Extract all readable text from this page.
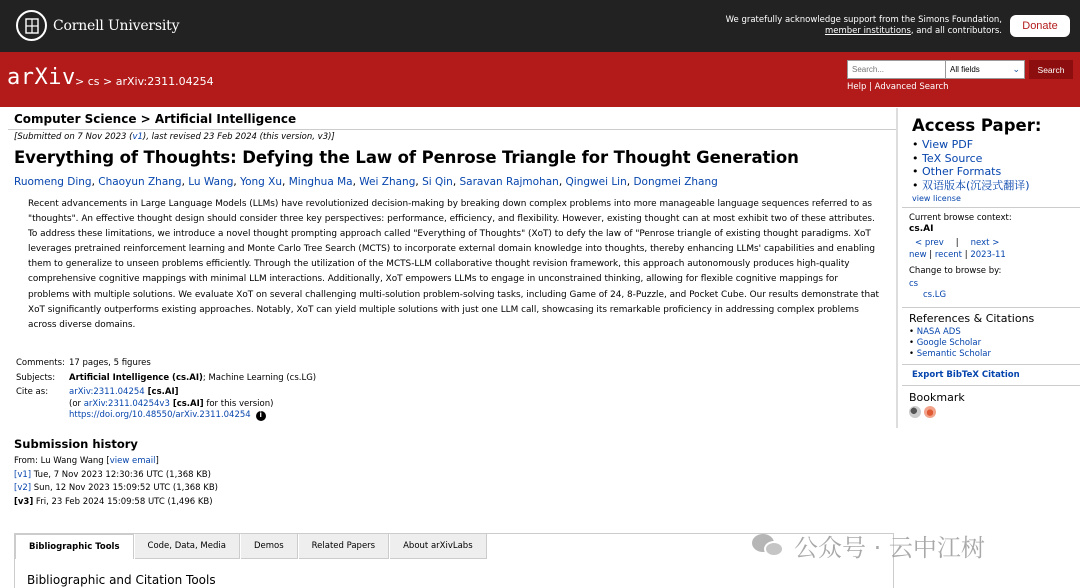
Cornell University	We gratefully acknowledge support from the Simons Foundation,
member institutions, and all contributors.	Donate
arXiv > cs > arXiv:2311.04254
Search...
All fields	⌄	Search
Help | Advanced Search
Computer Science > Artificial Intelligence
[Submitted on 7 Nov 2023 (v1), last revised 23 Feb 2024 (this version, v3)]
Everything of Thoughts: Defying the Law of Penrose Triangle for Thought Generation
Ruomeng Ding, Chaoyun Zhang, Lu Wang, Yong Xu, Minghua Ma, Wei Zhang, Si Qin, Saravan Rajmohan, Qingwei Lin, Dongmei Zhang
Recent advancements in Large Language Models (LLMs) have revolutionized decision-making by breaking down complex problems into more manageable language sequences referred to as "thoughts". An effective thought design should consider three key perspectives: performance, efficiency, and flexibility. However, existing thought can at most exhibit two of these attributes. To address these limitations, we introduce a novel thought prompting approach called "Everything of Thoughts" (XoT) to defy the law of "Penrose triangle of existing thought paradigms. XoT leverages pretrained reinforcement learning and Monte Carlo Tree Search (MCTS) to incorporate external domain knowledge into thoughts, thereby enhancing LLMs' capabilities and enabling them to generalize to unseen problems efficiently. Through the utilization of the MCTS-LLM collaborative thought revision framework, this approach autonomously produces high-quality comprehensive cognitive mappings with minimal LLM interactions. Additionally, XoT empowers LLMs to engage in unconstrained thinking, allowing for flexible cognitive mappings for problems with multiple solutions. We evaluate XoT on several challenging multi-solution problem-solving tasks, including Game of 24, 8-Puzzle, and Pocket Cube. Our results demonstrate that XoT significantly outperforms existing approaches. Notably, XoT can yield multiple solutions with just one LLM call, showcasing its remarkable proficiency in addressing complex problems across diverse domains.
Comments:	17 pages, 5 figures
Subjects:	Artificial Intelligence (cs.AI); Machine Learning (cs.LG)
Cite as:	arXiv:2311.04254 [cs.AI]
(or arXiv:2311.04254v3 [cs.AI] for this version)
https://doi.org/10.48550/arXiv.2311.04254 i
Submission history
From: Lu Wang Wang [view email]
[v1] Tue, 7 Nov 2023 12:30:36 UTC (1,368 KB)
[v2] Sun, 12 Nov 2023 15:09:52 UTC (1,368 KB)
[v3] Fri, 23 Feb 2024 15:09:58 UTC (1,496 KB)
Bibliographic Tools	Code, Data, Media	Demos	Related Papers	About arXivLabs
Bibliographic and Citation Tools
公众号 · 云中江树
Access Paper:
• View PDF
• TeX Source
• Other Formats
• 双语版本(沉浸式翻译)
view license
Current browse context:
cs.AI
< prev | next >
new | recent | 2023-11
Change to browse by:
cs
cs.LG
References & Citations
• NASA ADS
• Google Scholar
• Semantic Scholar
Export BibTeX Citation
Bookmark
